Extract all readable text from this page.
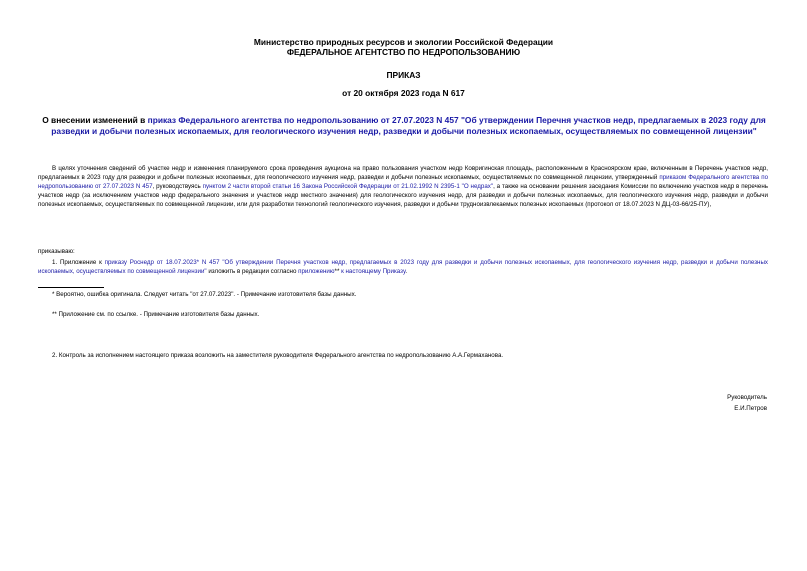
Министерство природных ресурсов и экологии Российской Федерации
ФЕДЕРАЛЬНОЕ АГЕНТСТВО ПО НЕДРОПОЛЬЗОВАНИЮ
ПРИКАЗ
от 20 октября 2023 года N 617
О внесении изменений в приказ Федерального агентства по недропользованию от 27.07.2023 N 457 "Об утверждении Перечня участков недр, предлагаемых в 2023 году для разведки и добычи полезных ископаемых, для геологического изучения недр, разведки и добычи полезных ископаемых, осуществляемых по совмещенной лицензии"
В целях уточнения сведений об участке недр и изменения планируемого срока проведения аукциона на право пользования участком недр Ковригинская площадь, расположенным в Красноярском крае, включенным в Перечень участков недр, предлагаемых в 2023 году для разведки и добычи полезных ископаемых, для геологического изучения недр, разведки и добычи полезных ископаемых, осуществляемых по совмещенной лицензии, утвержденный приказом Федерального агентства по недропользованию от 27.07.2023 N 457, руководствуясь пунктом 2 части второй статьи 16 Закона Российской Федерации от 21.02.1992 N 2395-1 "О недрах", а также на основании решения заседания Комиссии по включению участков недр в перечень участков недр (за исключением участков недр федерального значения и участков недр местного значения) для геологического изучения недр, для разведки и добычи полезных ископаемых, для геологического изучения недр, разведки и добычи полезных ископаемых, осуществляемых по совмещенной лицензии, или для разработки технологий геологического изучения, разведки и добычи трудноизвлекаемых полезных ископаемых (протокол от 18.07.2023 N ДЦ-03-66/25-ПУ),
приказываю:
1. Приложение к приказу Роснедр от 18.07.2023* N 457 "Об утверждении Перечня участков недр, предлагаемых в 2023 году для разведки и добычи полезных ископаемых, для геологического изучения недр, разведки и добычи полезных ископаемых, осуществляемых по совмещенной лицензии" изложить в редакции согласно приложению** к настоящему Приказу.
* Вероятно, ошибка оригинала. Следует читать "от 27.07.2023". - Примечание изготовителя базы данных.
** Приложение см. по ссылке. - Примечание изготовителя базы данных.
2. Контроль за исполнением настоящего приказа возложить на заместителя руководителя Федерального агентства по недропользованию А.А.Гермаханова.
Руководитель
Е.И.Петров
